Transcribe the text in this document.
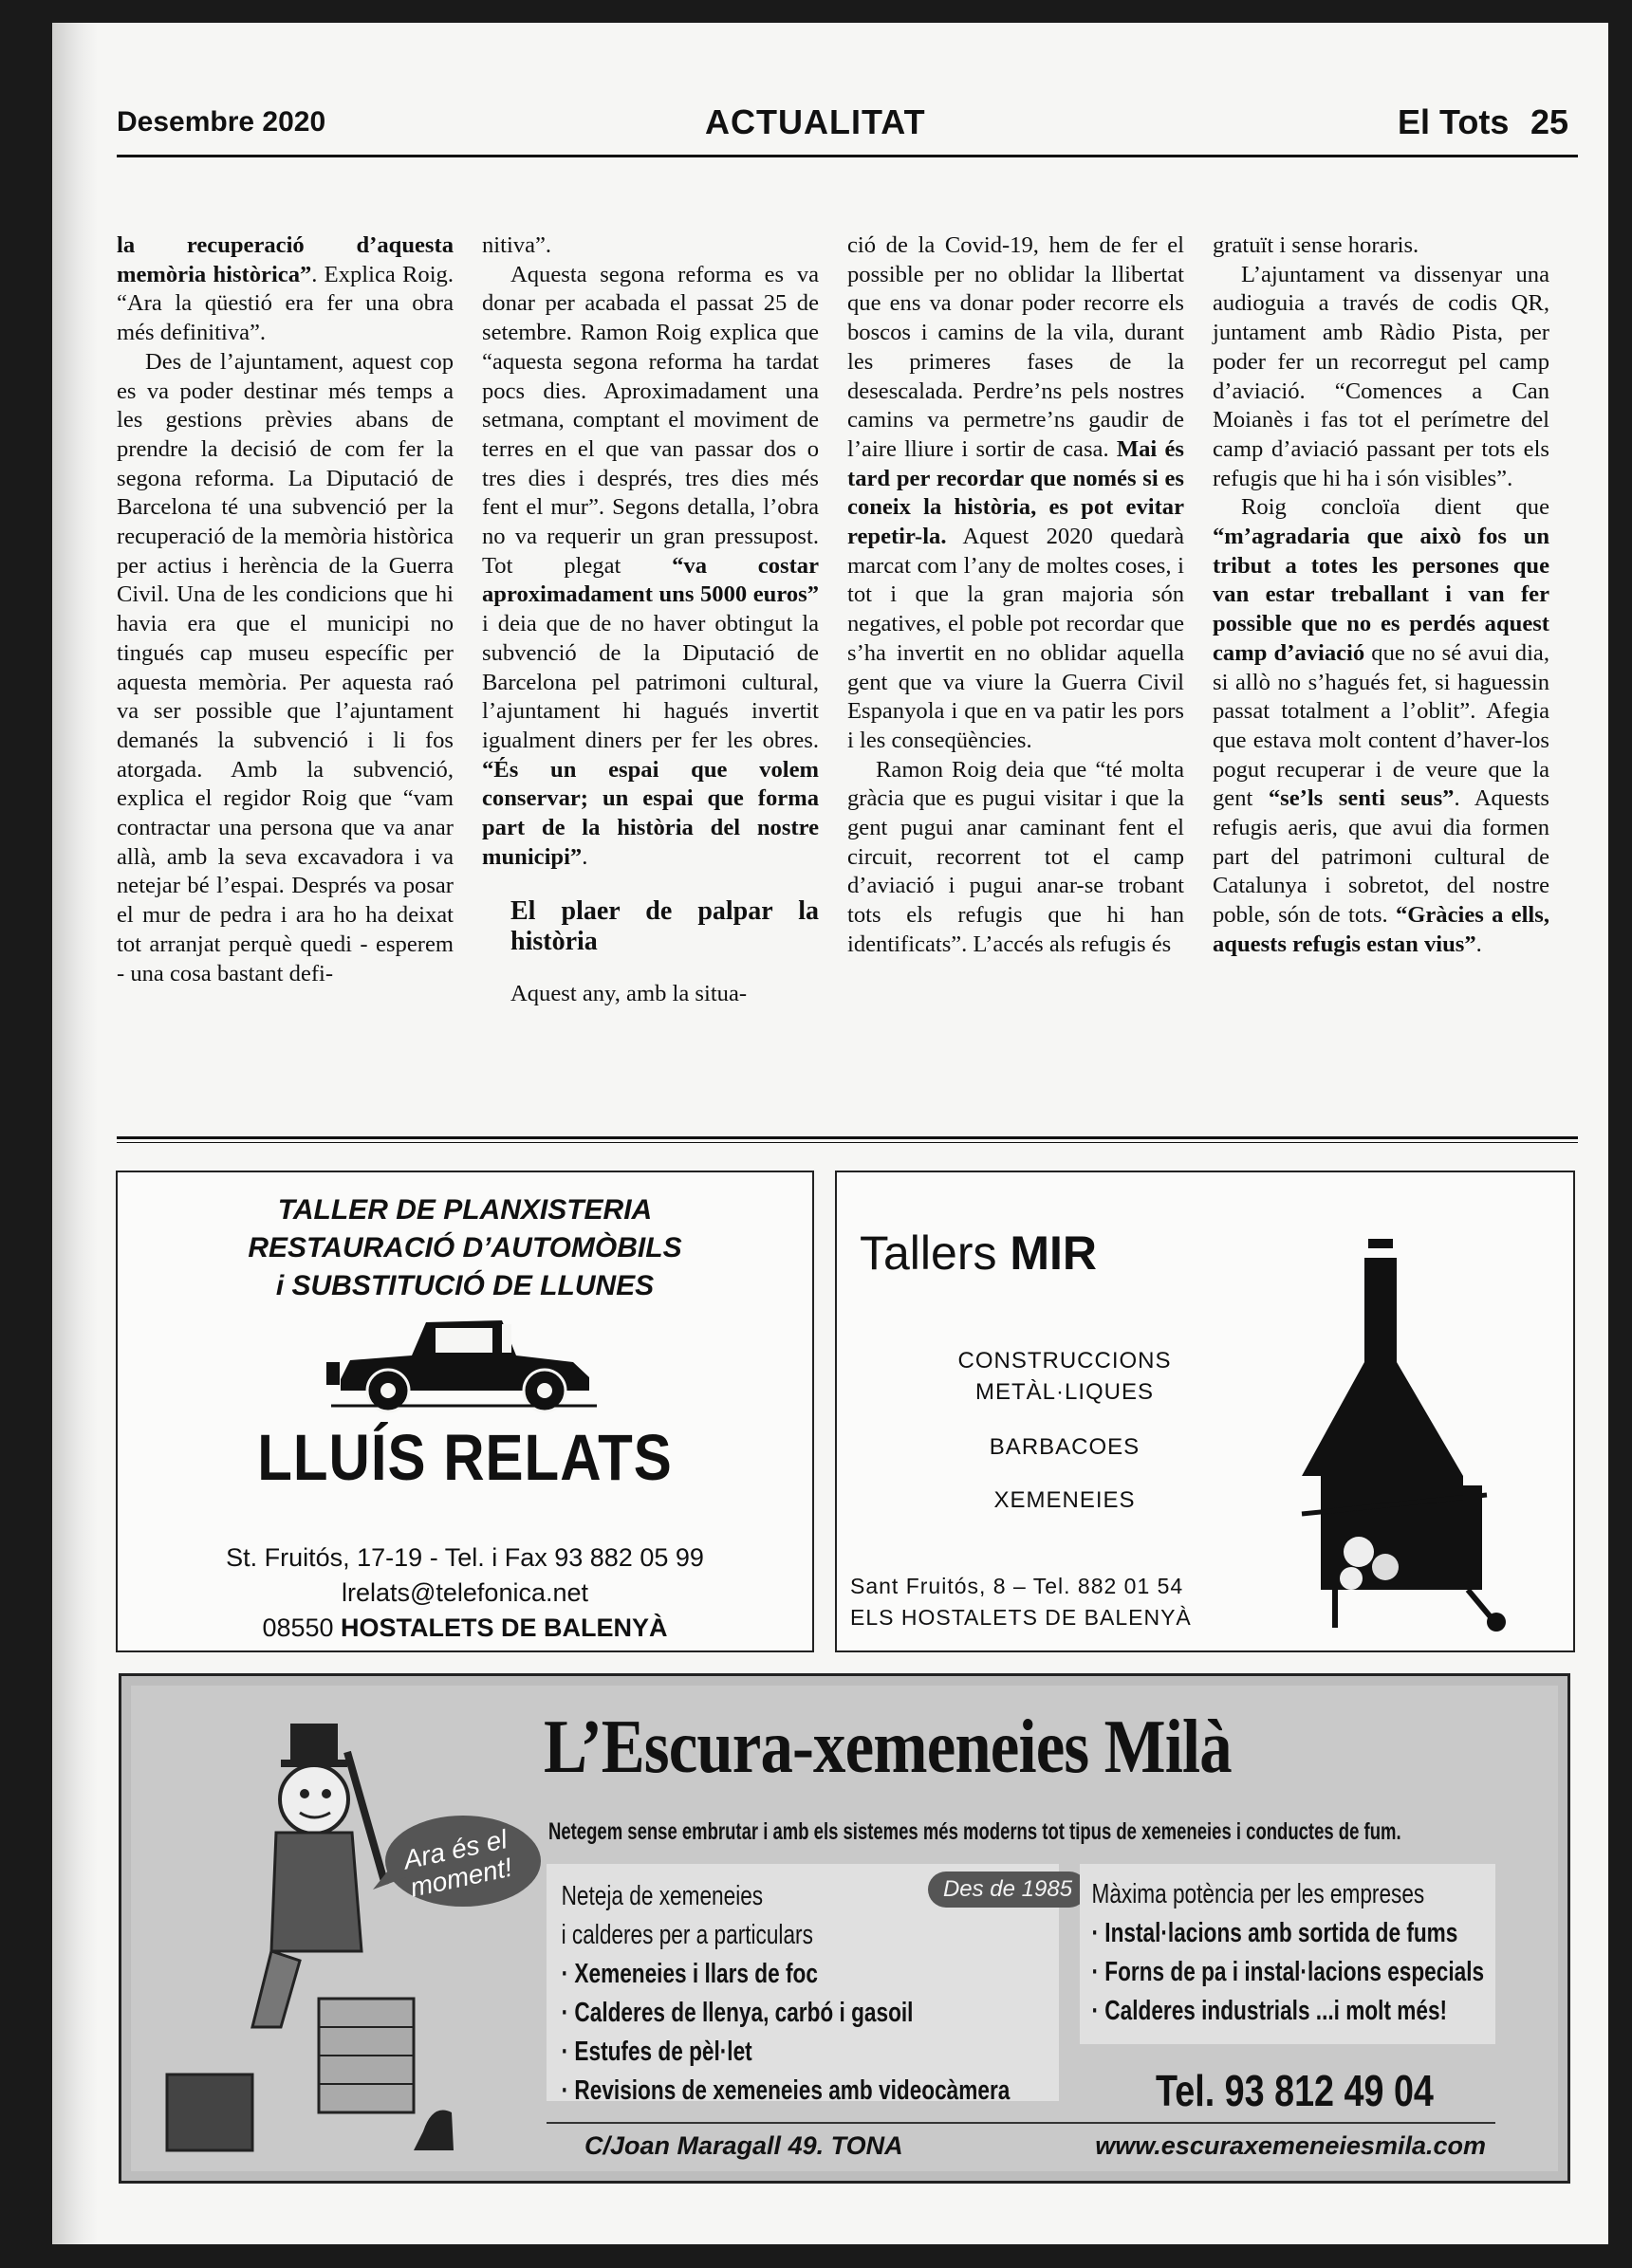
Desembre 2020	ACTUALITAT	El Tots 25

la recuperació d’aquesta memòria històrica”. Explica Roig. “Ara la qüestió era fer una obra més definitiva”.

Des de l’ajuntament, aquest cop es va poder destinar més temps a les gestions prèvies abans de prendre la decisió de com fer la segona reforma. La Diputació de Barcelona té una subvenció per la recuperació de la memòria històrica per actius i herència de la Guerra Civil. Una de les condicions que hi havia era que el municipi no tingués cap museu específic per aquesta memòria. Per aquesta raó va ser possible que l’ajuntament demanés la subvenció i li fos atorgada. Amb la subvenció, explica el regidor Roig que “vam contractar una persona que va anar allà, amb la seva excavadora i va netejar bé l’espai. Després va posar el mur de pedra i ara ho ha deixat tot arranjat perquè quedi - esperem - una cosa bastant defi-

nitiva”.

Aquesta segona reforma es va donar per acabada el passat 25 de setembre. Ramon Roig explica que “aquesta segona reforma ha tardat pocs dies. Aproximadament una setmana, comptant el moviment de terres en el que van passar dos o tres dies i després, tres dies més fent el mur”. Segons detalla, l’obra no va requerir un gran pressupost. Tot plegat “va costar aproximadament uns 5000 euros” i deia que de no haver obtingut la subvenció de la Diputació de Barcelona pel patrimoni cultural, l’ajuntament hi hagués invertit igualment diners per fer les obres. “És un espai que volem conservar; un espai que forma part de la història del nostre municipi”.

El plaer de palpar la història

Aquest any, amb la situa-

ció de la Covid-19, hem de fer el possible per no oblidar la llibertat que ens va donar poder recorre els boscos i camins de la vila, durant les primeres fases de la desescalada. Perdre’ns pels nostres camins va permetre’ns gaudir de l’aire lliure i sortir de casa. Mai és tard per recordar que només si es coneix la història, es pot evitar repetir-la. Aquest 2020 quedarà marcat com l’any de moltes coses, i tot i que la gran majoria són negatives, el poble pot recordar que s’ha invertit en no oblidar aquella gent que va viure la Guerra Civil Espanyola i que en va patir les pors i les conseqüències.

Ramon Roig deia que “té molta gràcia que es pugui visitar i que la gent pugui anar caminant fent el circuit, recorrent tot el camp d’aviació i pugui anar-se trobant tots els refugis que hi han identificats”. L’accés als refugis és

gratuït i sense horaris.

L’ajuntament va dissenyar una audioguia a través de codis QR, juntament amb Ràdio Pista, per poder fer un recorregut pel camp d’aviació. “Comences a Can Moianès i fas tot el perímetre del camp d’aviació passant per tots els refugis que hi ha i són visibles”.

Roig concloïa dient que “m’agradaria que això fos un tribut a totes les persones que van estar treballant i van fer possible que no es perdés aquest camp d’aviació que no sé avui dia, si allò no s’hagués fet, si haguessin passat totalment a l’oblit”. Afegia que estava molt content d’haver-los pogut recuperar i de veure que la gent “se’ls senti seus”. Aquests refugis aeris, que avui dia formen part del patrimoni cultural de Catalunya i sobretot, del nostre poble, són de tots. “Gràcies a ells, aquests refugis estan vius”.

TALLER DE PLANXISTERIA
RESTAURACIÓ D’AUTOMÒBILS
i SUBSTITUCIÓ DE LLUNES
LLUÍS RELATS
St. Fruitós, 17-19 - Tel. i Fax 93 882 05 99
lrelats@telefonica.net
08550 HOSTALETS DE BALENYÀ
Tallers MIR
CONSTRUCCIONS
METÀL·LIQUES
BARBACOES
XEMENEIES
Sant Fruitós, 8 – Tel. 882 01 54
ELS HOSTALETS DE BALENYÀ
Ara és el moment!
L’Escura-xemeneies Milà
Netegem sense embrutar i amb els sistemes més moderns tot tipus de xemeneies i conductes de fum.
Neteja de xemeneies
i calderes per a particulars
· Xemeneies i llars de foc
· Calderes de llenya, carbó i gasoil
· Estufes de pèl·let
· Revisions de xemeneies amb videocàmera
Des de 1985 Màxima potència per les empreses
· Instal·lacions amb sortida de fums
· Forns de pa i instal·lacions especials
· Calderes industrials ...i molt més!
Tel. 93 812 49 04
C/Joan Maragall 49. TONA	www.escuraxemeneiesmila.com
